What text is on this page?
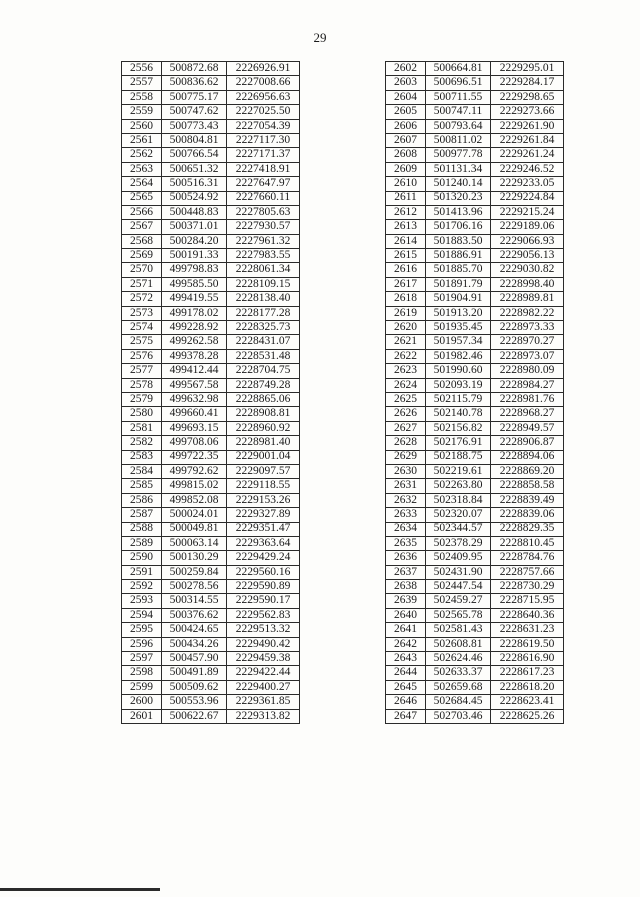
29
2556	500872.68	2226926.91
2557	500836.62	2227008.66
2558	500775.17	2226956.63
2559	500747.62	2227025.50
2560	500773.43	2227054.39
2561	500804.81	2227117.30
2562	500766.54	2227171.37
2563	500651.32	2227418.91
2564	500516.31	2227647.97
2565	500524.92	2227660.11
2566	500448.83	2227805.63
2567	500371.01	2227930.57
2568	500284.20	2227961.32
2569	500191.33	2227983.55
2570	499798.83	2228061.34
2571	499585.50	2228109.15
2572	499419.55	2228138.40
2573	499178.02	2228177.28
2574	499228.92	2228325.73
2575	499262.58	2228431.07
2576	499378.28	2228531.48
2577	499412.44	2228704.75
2578	499567.58	2228749.28
2579	499632.98	2228865.06
2580	499660.41	2228908.81
2581	499693.15	2228960.92
2582	499708.06	2228981.40
2583	499722.35	2229001.04
2584	499792.62	2229097.57
2585	499815.02	2229118.55
2586	499852.08	2229153.26
2587	500024.01	2229327.89
2588	500049.81	2229351.47
2589	500063.14	2229363.64
2590	500130.29	2229429.24
2591	500259.84	2229560.16
2592	500278.56	2229590.89
2593	500314.55	2229590.17
2594	500376.62	2229562.83
2595	500424.65	2229513.32
2596	500434.26	2229490.42
2597	500457.90	2229459.38
2598	500491.89	2229422.44
2599	500509.62	2229400.27
2600	500553.96	2229361.85
2601	500622.67	2229313.82
2602	500664.81	2229295.01
2603	500696.51	2229284.17
2604	500711.55	2229298.65
2605	500747.11	2229273.66
2606	500793.64	2229261.90
2607	500811.02	2229261.84
2608	500977.78	2229261.24
2609	501131.34	2229246.52
2610	501240.14	2229233.05
2611	501320.23	2229224.84
2612	501413.96	2229215.24
2613	501706.16	2229189.06
2614	501883.50	2229066.93
2615	501886.91	2229056.13
2616	501885.70	2229030.82
2617	501891.79	2228998.40
2618	501904.91	2228989.81
2619	501913.20	2228982.22
2620	501935.45	2228973.33
2621	501957.34	2228970.27
2622	501982.46	2228973.07
2623	501990.60	2228980.09
2624	502093.19	2228984.27
2625	502115.79	2228981.76
2626	502140.78	2228968.27
2627	502156.82	2228949.57
2628	502176.91	2228906.87
2629	502188.75	2228894.06
2630	502219.61	2228869.20
2631	502263.80	2228858.58
2632	502318.84	2228839.49
2633	502320.07	2228839.06
2634	502344.57	2228829.35
2635	502378.29	2228810.45
2636	502409.95	2228784.76
2637	502431.90	2228757.66
2638	502447.54	2228730.29
2639	502459.27	2228715.95
2640	502565.78	2228640.36
2641	502581.43	2228631.23
2642	502608.81	2228619.50
2643	502624.46	2228616.90
2644	502633.37	2228617.23
2645	502659.68	2228618.20
2646	502684.45	2228623.41
2647	502703.46	2228625.26
